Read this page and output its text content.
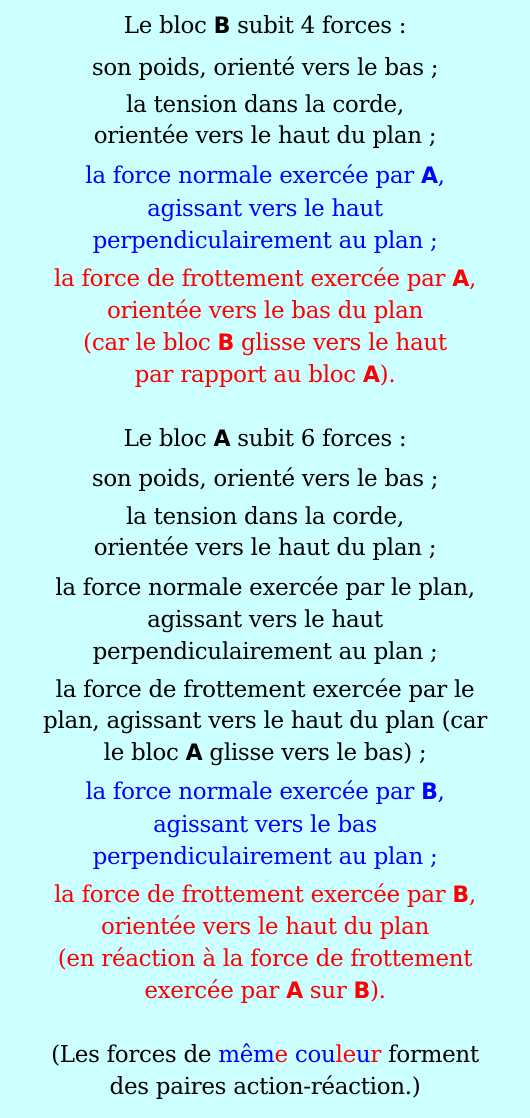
Le bloc B subit 4 forces :
son poids, orienté vers le bas ;
la tension dans la corde,
orientée vers le haut du plan ;
la force normale exercée par A,
agissant vers le haut
perpendiculairement au plan ;
la force de frottement exercée par A,
orientée vers le bas du plan
(car le bloc B glisse vers le haut
par rapport au bloc A).
Le bloc A subit 6 forces :
son poids, orienté vers le bas ;
la tension dans la corde,
orientée vers le haut du plan ;
la force normale exercée par le plan,
agissant vers le haut
perpendiculairement au plan ;
la force de frottement exercée par le
plan, agissant vers le haut du plan (car
le bloc A glisse vers le bas) ;
la force normale exercée par B,
agissant vers le bas
perpendiculairement au plan ;
la force de frottement exercée par B,
orientée vers le haut du plan
(en réaction à la force de frottement
exercée par A sur B).
(Les forces de même couleur forment
des paires action-réaction.)
